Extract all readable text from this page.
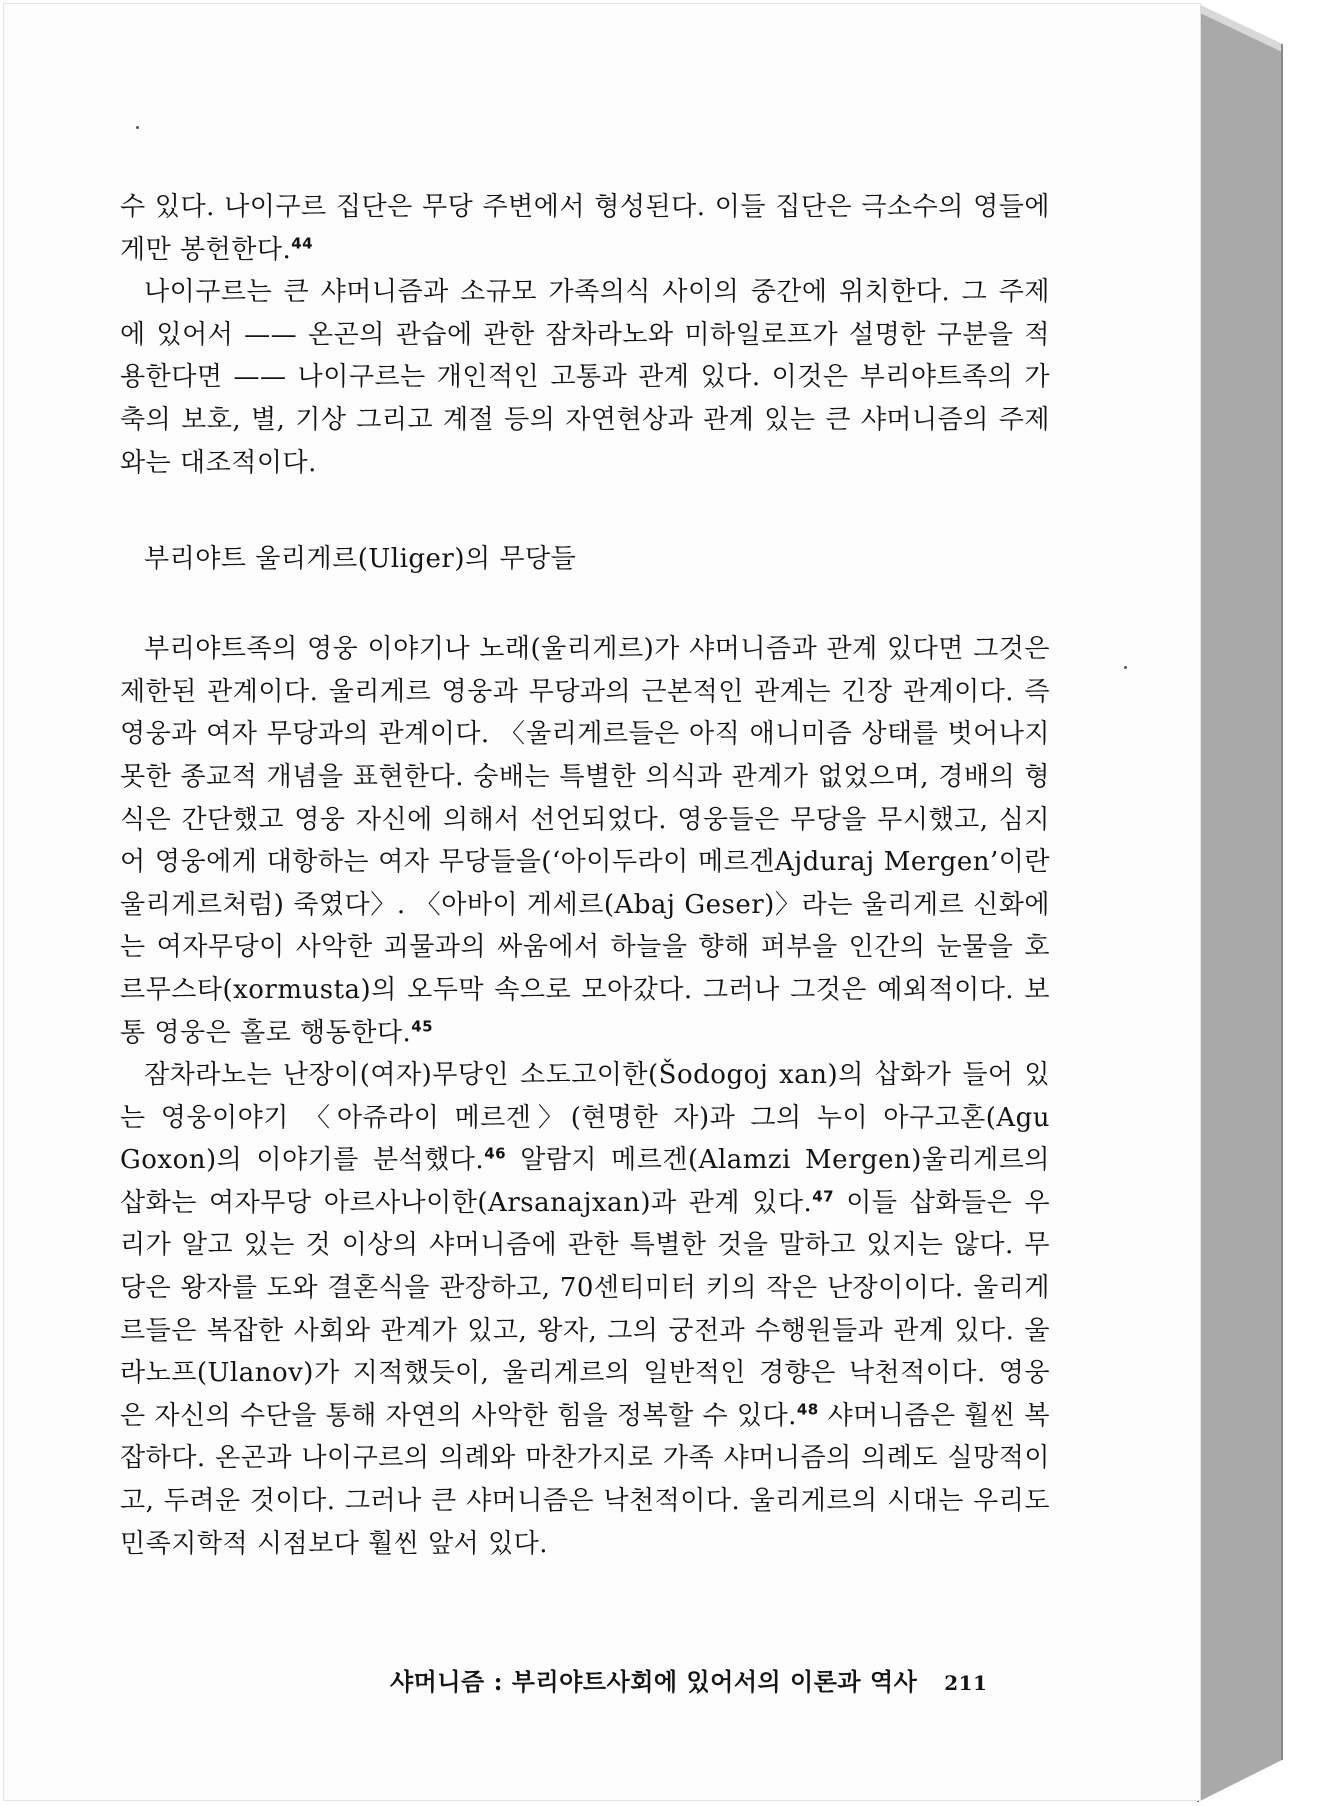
수 있다. 나이구르 집단은 무당 주변에서 형성된다. 이들 집단은 극소수의 영들에게만 봉헌한다.$^{44}$

나이구르는 큰 샤머니즘과 소규모 가족의식 사이의 중간에 위치한다. 그 주제에 있어서 —— 온곤의 관습에 관한 잠차라노와 미하일로프가 설명한 구분을 적용한다면 —— 나이구르는 개인적인 고통과 관계 있다. 이것은 부리야트족의 가축의 보호, 별, 기상 그리고 계절 등의 자연현상과 관계 있는 큰 샤머니즘의 주제와는 대조적이다.

부리야트 울리게르(Uliger)의 무당들

부리야트족의 영웅 이야기나 노래(울리게르)가 샤머니즘과 관계 있다면 그것은 제한된 관계이다. 울리게르 영웅과 무당과의 근본적인 관계는 긴장 관계이다. 즉 영웅과 여자 무당과의 관계이다. 〈울리게르들은 아직 애니미즘 상태를 벗어나지 못한 종교적 개념을 표현한다. 숭배는 특별한 의식과 관계가 없었으며, 경배의 형식은 간단했고 영웅 자신에 의해서 선언되었다. 영웅들은 무당을 무시했고, 심지어 영웅에게 대항하는 여자 무당들을(‘아이두라이 메르겐Ajduraj Mergen’이란 울리게르처럼) 죽였다〉. 〈아바이 게세르(Abaj Geser)〉라는 울리게르 신화에는 여자무당이 사악한 괴물과의 싸움에서 하늘을 향해 퍼부을 인간의 눈물을 호르무스타(xormusta)의 오두막 속으로 모아갔다. 그러나 그것은 예외적이다. 보통 영웅은 홀로 행동한다.$^{45}$

잠차라노는 난장이(여자)무당인 소도고이한(Šodogoj xan)의 삽화가 들어 있는 영웅이야기 〈아쥬라이 메르겐〉(현명한 자)과 그의 누이 아구고혼(Agu Goxon)의 이야기를 분석했다.$^{46}$ 알람지 메르겐(Alamzi Mergen)울리게르의 삽화는 여자무당 아르사나이한(Arsanajxan)과 관계 있다.$^{47}$ 이들 삽화들은 우리가 알고 있는 것 이상의 샤머니즘에 관한 특별한 것을 말하고 있지는 않다. 무당은 왕자를 도와 결혼식을 관장하고, 70센티미터 키의 작은 난장이이다. 울리게르들은 복잡한 사회와 관계가 있고, 왕자, 그의 궁전과 수행원들과 관계 있다. 울라노프(Ulanov)가 지적했듯이, 울리게르의 일반적인 경향은 낙천적이다. 영웅은 자신의 수단을 통해 자연의 사악한 힘을 정복할 수 있다.$^{48}$ 샤머니즘은 훨씬 복잡하다. 온곤과 나이구르의 의례와 마찬가지로 가족 샤머니즘의 의례도 실망적이고, 두려운 것이다. 그러나 큰 샤머니즘은 낙천적이다. 울리게르의 시대는 우리도 민족지학적 시점보다 훨씬 앞서 있다.

샤머니즘 : 부리야트사회에 있어서의 이론과 역사 211
